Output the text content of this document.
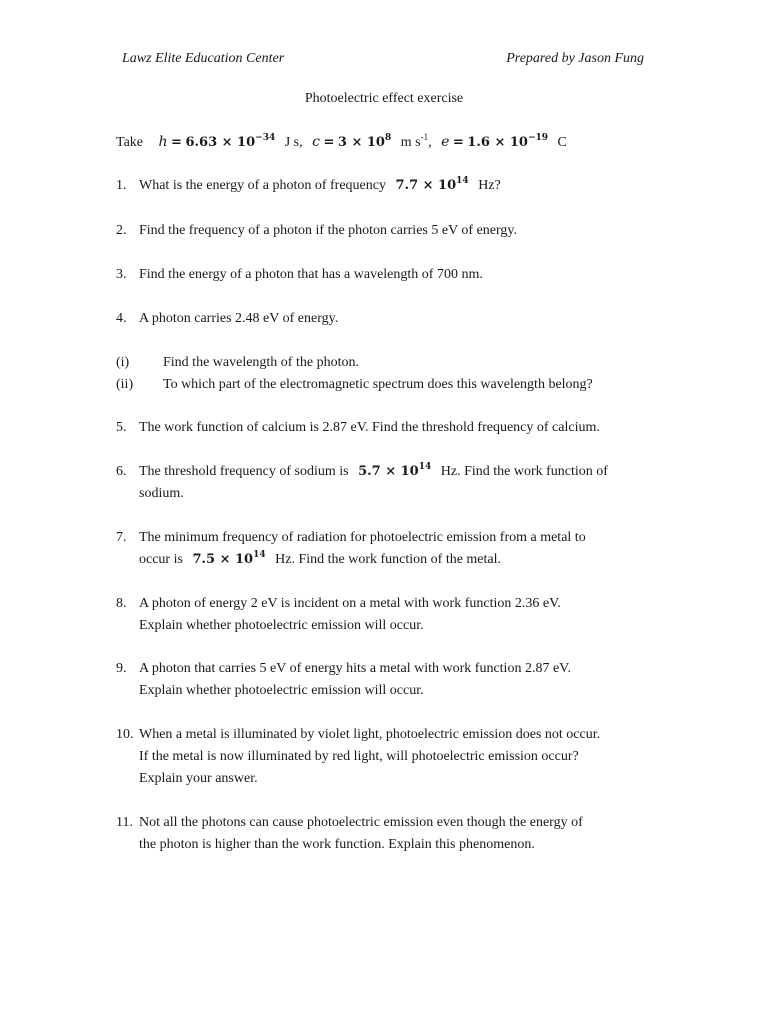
Lawz Elite Education Center	Prepared by Jason Fung
Photoelectric effect exercise
Take $h = 6.63 \times 10^{-34}$ J s, $c = 3 \times 10^8$ m $s^{-1}$, $e = 1.6 \times 10^{-19}$ C
1. What is the energy of a photon of frequency $7.7 \times 10^{14}$ Hz?
2. Find the frequency of a photon if the photon carries 5 eV of energy.
3. Find the energy of a photon that has a wavelength of 700 nm.
4. A photon carries 2.48 eV of energy.
(i) Find the wavelength of the photon.
(ii) To which part of the electromagnetic spectrum does this wavelength belong?
5. The work function of calcium is 2.87 eV. Find the threshold frequency of calcium.
6. The threshold frequency of sodium is $5.7 \times 10^{14}$ Hz. Find the work function of
sodium.
7. The minimum frequency of radiation for photoelectric emission from a metal to
occur is $7.5 \times 10^{14}$ Hz. Find the work function of the metal.
8. A photon of energy 2 eV is incident on a metal with work function 2.36 eV.
Explain whether photoelectric emission will occur.
9. A photon that carries 5 eV of energy hits a metal with work function 2.87 eV.
Explain whether photoelectric emission will occur.
10. When a metal is illuminated by violet light, photoelectric emission does not occur.
If the metal is now illuminated by red light, will photoelectric emission occur?
Explain your answer.
11. Not all the photons can cause photoelectric emission even though the energy of
the photon is higher than the work function. Explain this phenomenon.
